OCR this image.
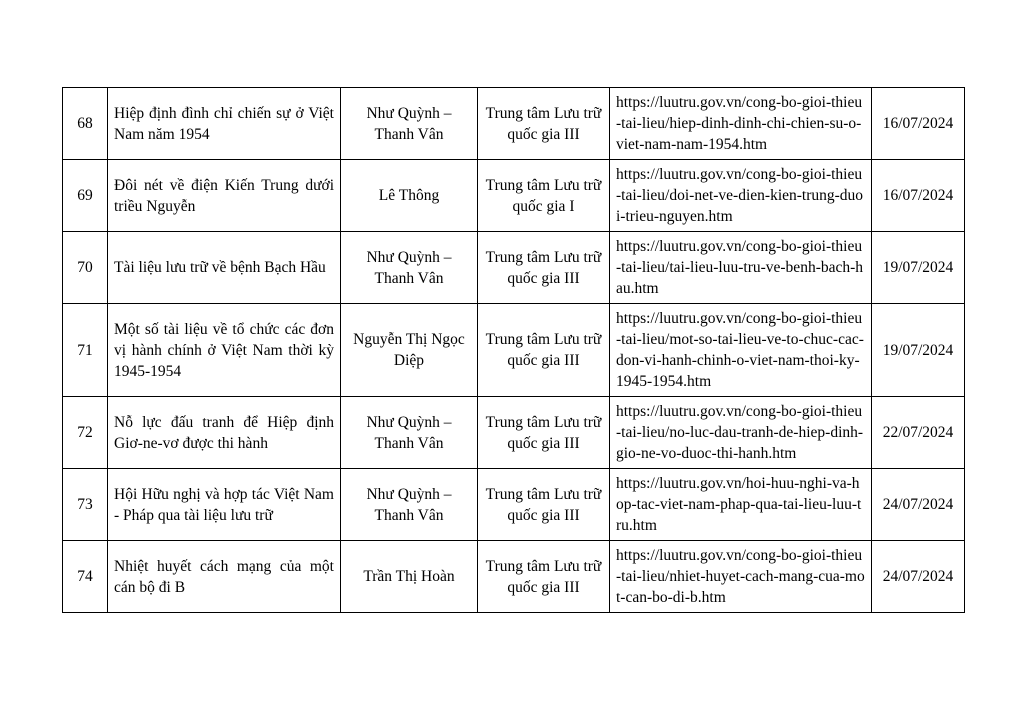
68	Hiệp định đình chỉ chiến sự ở Việt Nam năm 1954	Như Quỳnh – Thanh Vân	Trung tâm Lưu trữ quốc gia III	https://luutru.gov.vn/cong-bo-gioi-thieu-tai-lieu/hiep-dinh-dinh-chi-chien-su-o-viet-nam-nam-1954.htm	16/07/2024
69	Đôi nét về điện Kiến Trung dưới triều Nguyễn	Lê Thông	Trung tâm Lưu trữ quốc gia I	https://luutru.gov.vn/cong-bo-gioi-thieu-tai-lieu/doi-net-ve-dien-kien-trung-duoi-trieu-nguyen.htm	16/07/2024
70	Tài liệu lưu trữ về bệnh Bạch Hầu	Như Quỳnh – Thanh Vân	Trung tâm Lưu trữ quốc gia III	https://luutru.gov.vn/cong-bo-gioi-thieu-tai-lieu/tai-lieu-luu-tru-ve-benh-bach-hau.htm	19/07/2024
71	Một số tài liệu về tổ chức các đơn vị hành chính ở Việt Nam thời kỳ 1945-1954	Nguyễn Thị Ngọc Diệp	Trung tâm Lưu trữ quốc gia III	https://luutru.gov.vn/cong-bo-gioi-thieu-tai-lieu/mot-so-tai-lieu-ve-to-chuc-cac-don-vi-hanh-chinh-o-viet-nam-thoi-ky-1945-1954.htm	19/07/2024
72	Nỗ lực đấu tranh để Hiệp định Giơ-ne-vơ được thi hành	Như Quỳnh – Thanh Vân	Trung tâm Lưu trữ quốc gia III	https://luutru.gov.vn/cong-bo-gioi-thieu-tai-lieu/no-luc-dau-tranh-de-hiep-dinh-gio-ne-vo-duoc-thi-hanh.htm	22/07/2024
73	Hội Hữu nghị và hợp tác Việt Nam - Pháp qua tài liệu lưu trữ	Như Quỳnh – Thanh Vân	Trung tâm Lưu trữ quốc gia III	https://luutru.gov.vn/hoi-huu-nghi-va-hop-tac-viet-nam-phap-qua-tai-lieu-luu-tru.htm	24/07/2024
74	Nhiệt huyết cách mạng của một cán bộ đi B	Trần Thị Hoàn	Trung tâm Lưu trữ quốc gia III	https://luutru.gov.vn/cong-bo-gioi-thieu-tai-lieu/nhiet-huyet-cach-mang-cua-mot-can-bo-di-b.htm	24/07/2024
